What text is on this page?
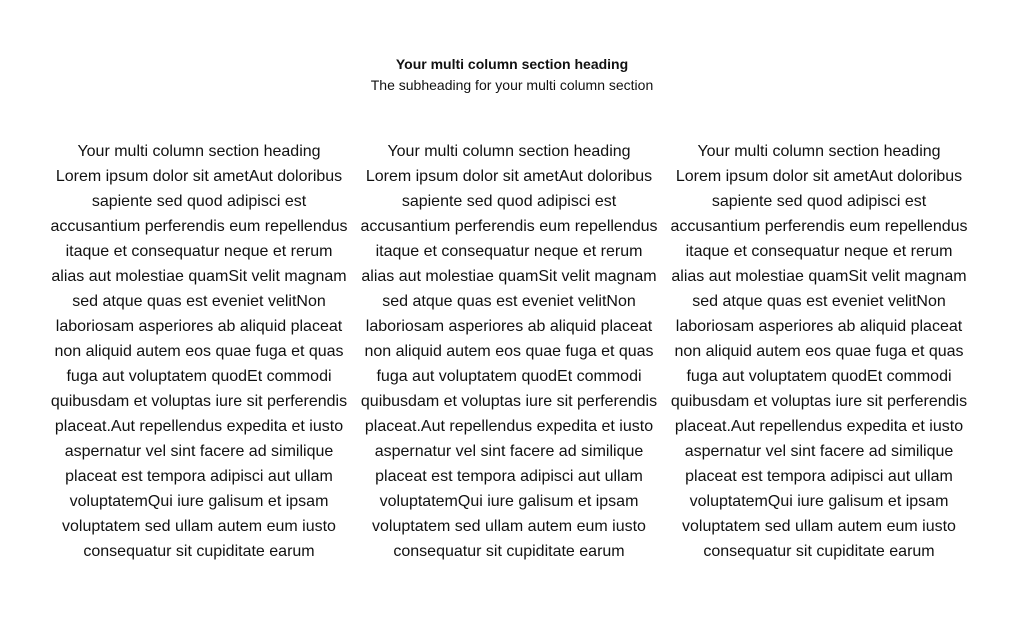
Your multi column section heading

The subheading for your multi column section

Your multi column section heading

Lorem ipsum dolor sit ametAut doloribus sapiente sed quod adipisci est accusantium perferendis eum repellendus itaque et consequatur neque et rerum alias aut molestiae quamSit velit magnam sed atque quas est eveniet velitNon laboriosam asperiores ab aliquid placeat non aliquid autem eos quae fuga et quas fuga aut voluptatem quodEt commodi quibusdam et voluptas iure sit perferendis placeat.Aut repellendus expedita et iusto aspernatur vel sint facere ad similique placeat est tempora adipisci aut ullam voluptatemQui iure galisum et ipsam voluptatem sed ullam autem eum iusto consequatur sit cupiditate earum

Your multi column section heading

Lorem ipsum dolor sit ametAut doloribus sapiente sed quod adipisci est accusantium perferendis eum repellendus itaque et consequatur neque et rerum alias aut molestiae quamSit velit magnam sed atque quas est eveniet velitNon laboriosam asperiores ab aliquid placeat non aliquid autem eos quae fuga et quas fuga aut voluptatem quodEt commodi quibusdam et voluptas iure sit perferendis placeat.Aut repellendus expedita et iusto aspernatur vel sint facere ad similique placeat est tempora adipisci aut ullam voluptatemQui iure galisum et ipsam voluptatem sed ullam autem eum iusto consequatur sit cupiditate earum

Your multi column section heading

Lorem ipsum dolor sit ametAut doloribus sapiente sed quod adipisci est accusantium perferendis eum repellendus itaque et consequatur neque et rerum alias aut molestiae quamSit velit magnam sed atque quas est eveniet velitNon laboriosam asperiores ab aliquid placeat non aliquid autem eos quae fuga et quas fuga aut voluptatem quodEt commodi quibusdam et voluptas iure sit perferendis placeat.Aut repellendus expedita et iusto aspernatur vel sint facere ad similique placeat est tempora adipisci aut ullam voluptatemQui iure galisum et ipsam voluptatem sed ullam autem eum iusto consequatur sit cupiditate earum
